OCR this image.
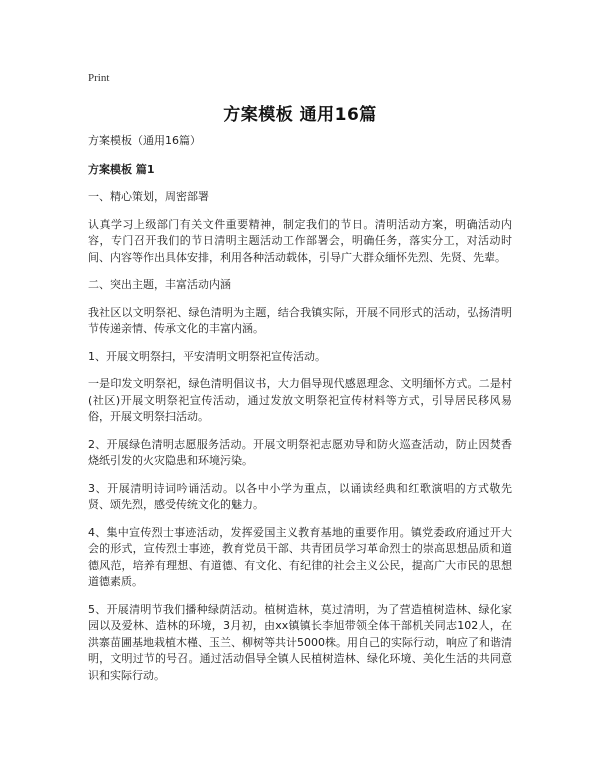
Print
方案模板 通用16篇

方案模板（通用16篇）

方案模板 篇1

一、精心策划，周密部署

认真学习上级部门有关文件重要精神，制定我们的节日。清明活动方案，明确活动内容，专门召开我们的节日清明主题活动工作部署会，明确任务，落实分工，对活动时间、内容等作出具体安排，利用各种活动载体，引导广大群众缅怀先烈、先贤、先辈。

二、突出主题，丰富活动内涵

我社区以文明祭祀、绿色清明为主题，结合我镇实际，开展不同形式的活动，弘扬清明节传递亲情、传承文化的丰富内涵。

1、开展文明祭扫，平安清明文明祭祀宣传活动。

一是印发文明祭祀，绿色清明倡议书，大力倡导现代感恩理念、文明缅怀方式。二是村(社区)开展文明祭祀宣传活动，通过发放文明祭祀宣传材料等方式，引导居民移风易俗，开展文明祭扫活动。

2、开展绿色清明志愿服务活动。开展文明祭祀志愿劝导和防火巡查活动，防止因焚香烧纸引发的火灾隐患和环境污染。

3、开展清明诗词吟诵活动。以各中小学为重点，以诵读经典和红歌演唱的方式敬先贤、颂先烈，感受传统文化的魅力。

4、集中宣传烈士事迹活动，发挥爱国主义教育基地的重要作用。镇党委政府通过开大会的形式，宣传烈士事迹，教育党员干部、共青团员学习革命烈士的崇高思想品质和道德风范，培养有理想、有道德、有文化、有纪律的社会主义公民，提高广大市民的思想道德素质。

5、开展清明节我们播种绿荫活动。植树造林，莫过清明，为了营造植树造林、绿化家园以及爱林、造林的环境，3月初，由xx镇镇长李旭带领全体干部机关同志102人，在洪寨苗圃基地栽植木槿、玉兰、柳树等共计5000株。用自己的实际行动，响应了和谐清明，文明过节的号召。通过活动倡导全镇人民植树造林、绿化环境、美化生活的共同意识和实际行动。
